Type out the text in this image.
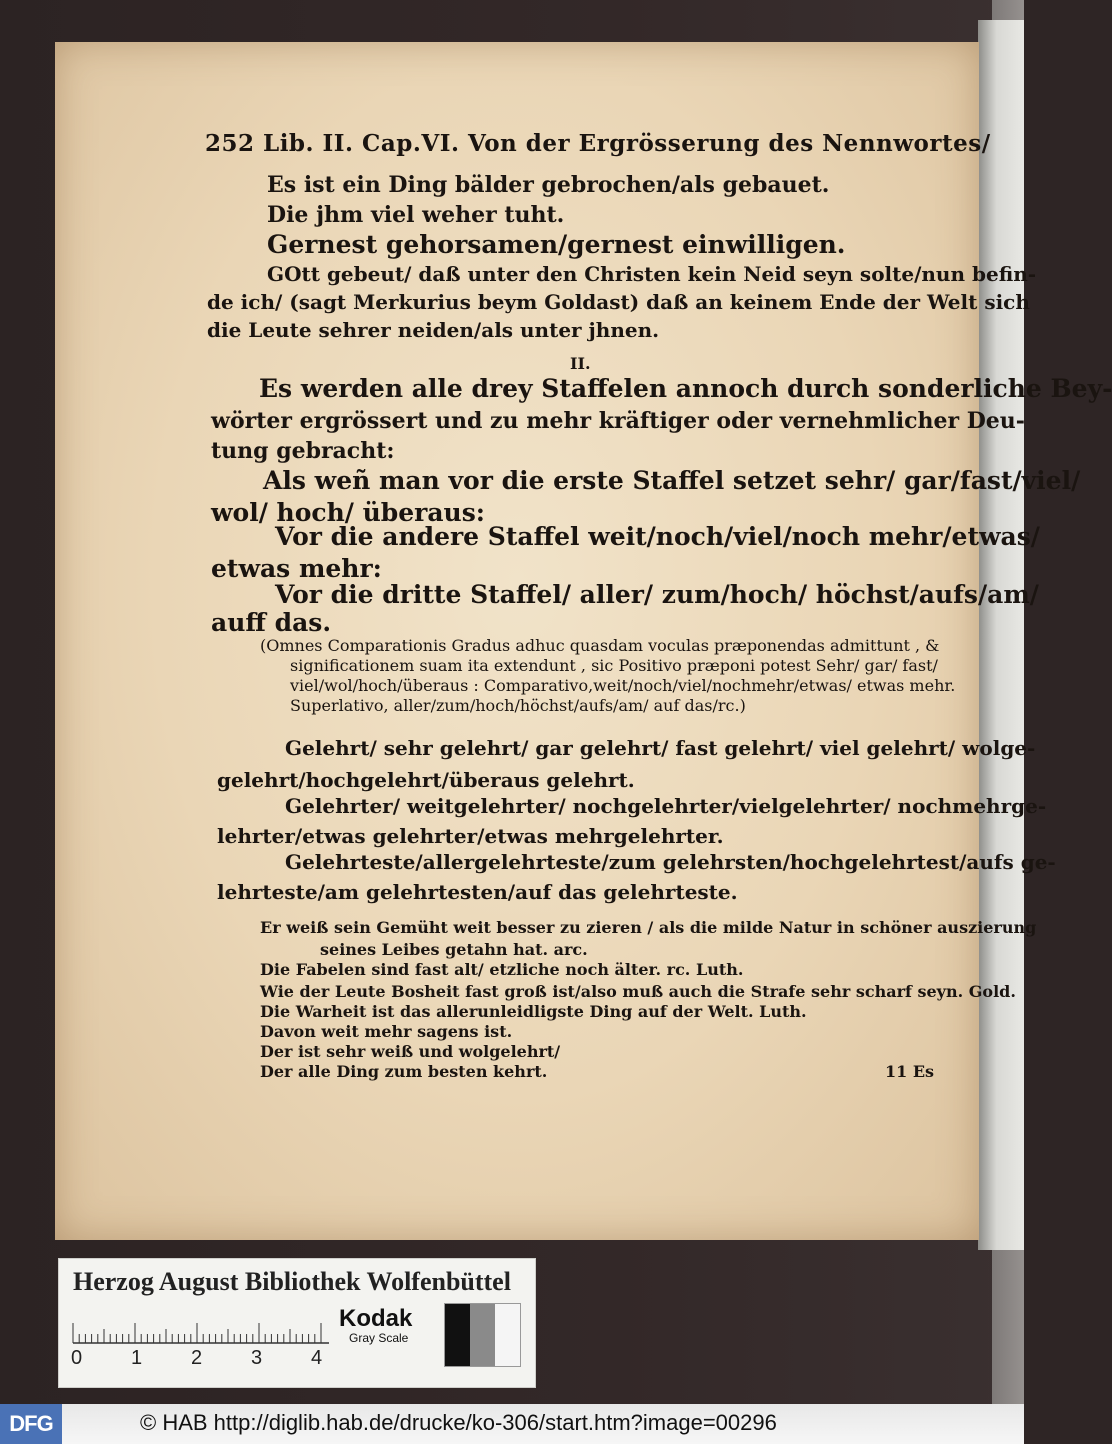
252 Lib. II. Cap.VI. Von der Ergrösserung des Nennwortes/
Es ist ein Ding bälder gebrochen/als gebauet.
Die jhm viel weher tuht.
Gernest gehorsamen/gernest einwilligen.
GOtt gebeut/ daß unter den Christen kein Neid seyn solte/nun befin-
de ich/ (sagt Merkurius beym Goldast) daß an keinem Ende der Welt sich
die Leute sehrer neiden/als unter jhnen.
II.
Es werden alle drey Staffelen annoch durch sonderliche Bey-
wörter ergrössert und zu mehr kräftiger oder vernehmlicher Deu-
tung gebracht:
Als weñ man vor die erste Staffel setzet sehr/ gar/fast/viel/
wol/ hoch/ überaus:
Vor die andere Staffel weit/noch/viel/noch mehr/etwas/
etwas mehr:
Vor die dritte Staffel/ aller/ zum/hoch/ höchst/aufs/am/
auff das.
(Omnes Comparationis Gradus adhuc quasdam voculas præponendas admittunt , &
significationem suam ita extendunt , sic Positivo præponi potest Sehr/ gar/ fast/
viel/wol/hoch/überaus : Comparativo,weit/noch/viel/nochmehr/etwas/ etwas mehr.
Superlativo, aller/zum/hoch/höchst/aufs/am/ auf das/rc.)
Gelehrt/ sehr gelehrt/ gar gelehrt/ fast gelehrt/ viel gelehrt/ wolge-
gelehrt/hochgelehrt/überaus gelehrt.
Gelehrter/ weitgelehrter/ nochgelehrter/vielgelehrter/ nochmehrge-
lehrter/etwas gelehrter/etwas mehrgelehrter.
Gelehrteste/allergelehrteste/zum gelehrsten/hochgelehrtest/aufs ge-
lehrteste/am gelehrtesten/auf das gelehrteste.
Er weiß sein Gemüht weit besser zu zieren / als die milde Natur in schöner auszierung
seines Leibes getahn hat. arc.
Die Fabelen sind fast alt/ etzliche noch älter. rc. Luth.
Wie der Leute Bosheit fast groß ist/also muß auch die Strafe sehr scharf seyn. Gold.
Die Warheit ist das allerunleidligste Ding auf der Welt. Luth.
Davon weit mehr sagens ist.
Der ist sehr weiß und wolgelehrt/
Der alle Ding zum besten kehrt.	11 Es
Herzog August Bibliothek Wolfenbüttel
0 1 2 3 4
Kodak
Gray Scale
DFG	© HAB http://diglib.hab.de/drucke/ko-306/start.htm?image=00296
